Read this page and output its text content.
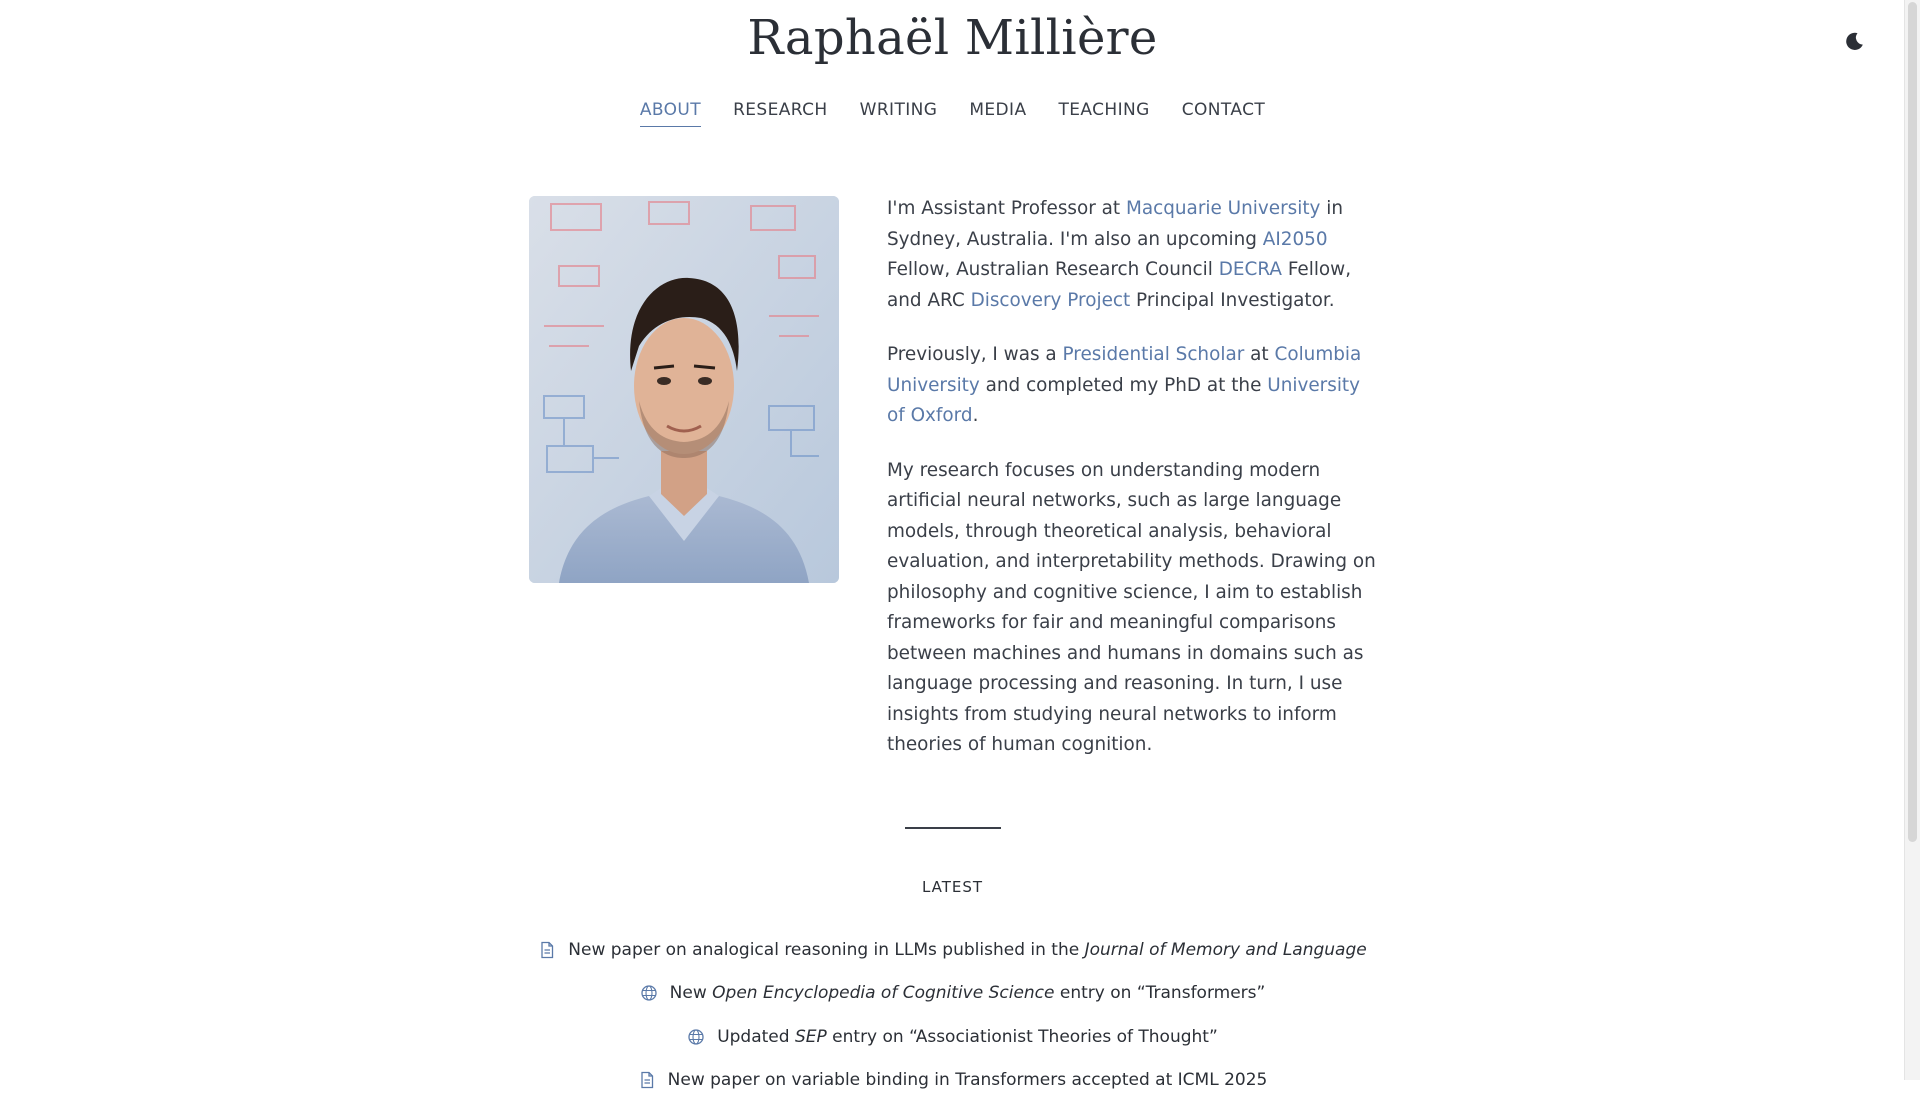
Raphaël Millière
ABOUT RESEARCH WRITING MEDIA TEACHING CONTACT

I'm Assistant Professor at Macquarie University in Sydney, Australia. I'm also an upcoming AI2050 Fellow, Australian Research Council DECRA Fellow, and ARC Discovery Project Principal Investigator.

Previously, I was a Presidential Scholar at Columbia University and completed my PhD at the University of Oxford.

My research focuses on understanding modern artificial neural networks, such as large language models, through theoretical analysis, behavioral evaluation, and interpretability methods. Drawing on philosophy and cognitive science, I aim to establish frameworks for fair and meaningful comparisons between machines and humans in domains such as language processing and reasoning. In turn, I use insights from studying neural networks to inform theories of human cognition.

LATEST
New paper on analogical reasoning in LLMs published in the Journal of Memory and Language
New Open Encyclopedia of Cognitive Science entry on “Transformers”
Updated SEP entry on “Associationist Theories of Thought”
New paper on variable binding in Transformers accepted at ICML 2025
